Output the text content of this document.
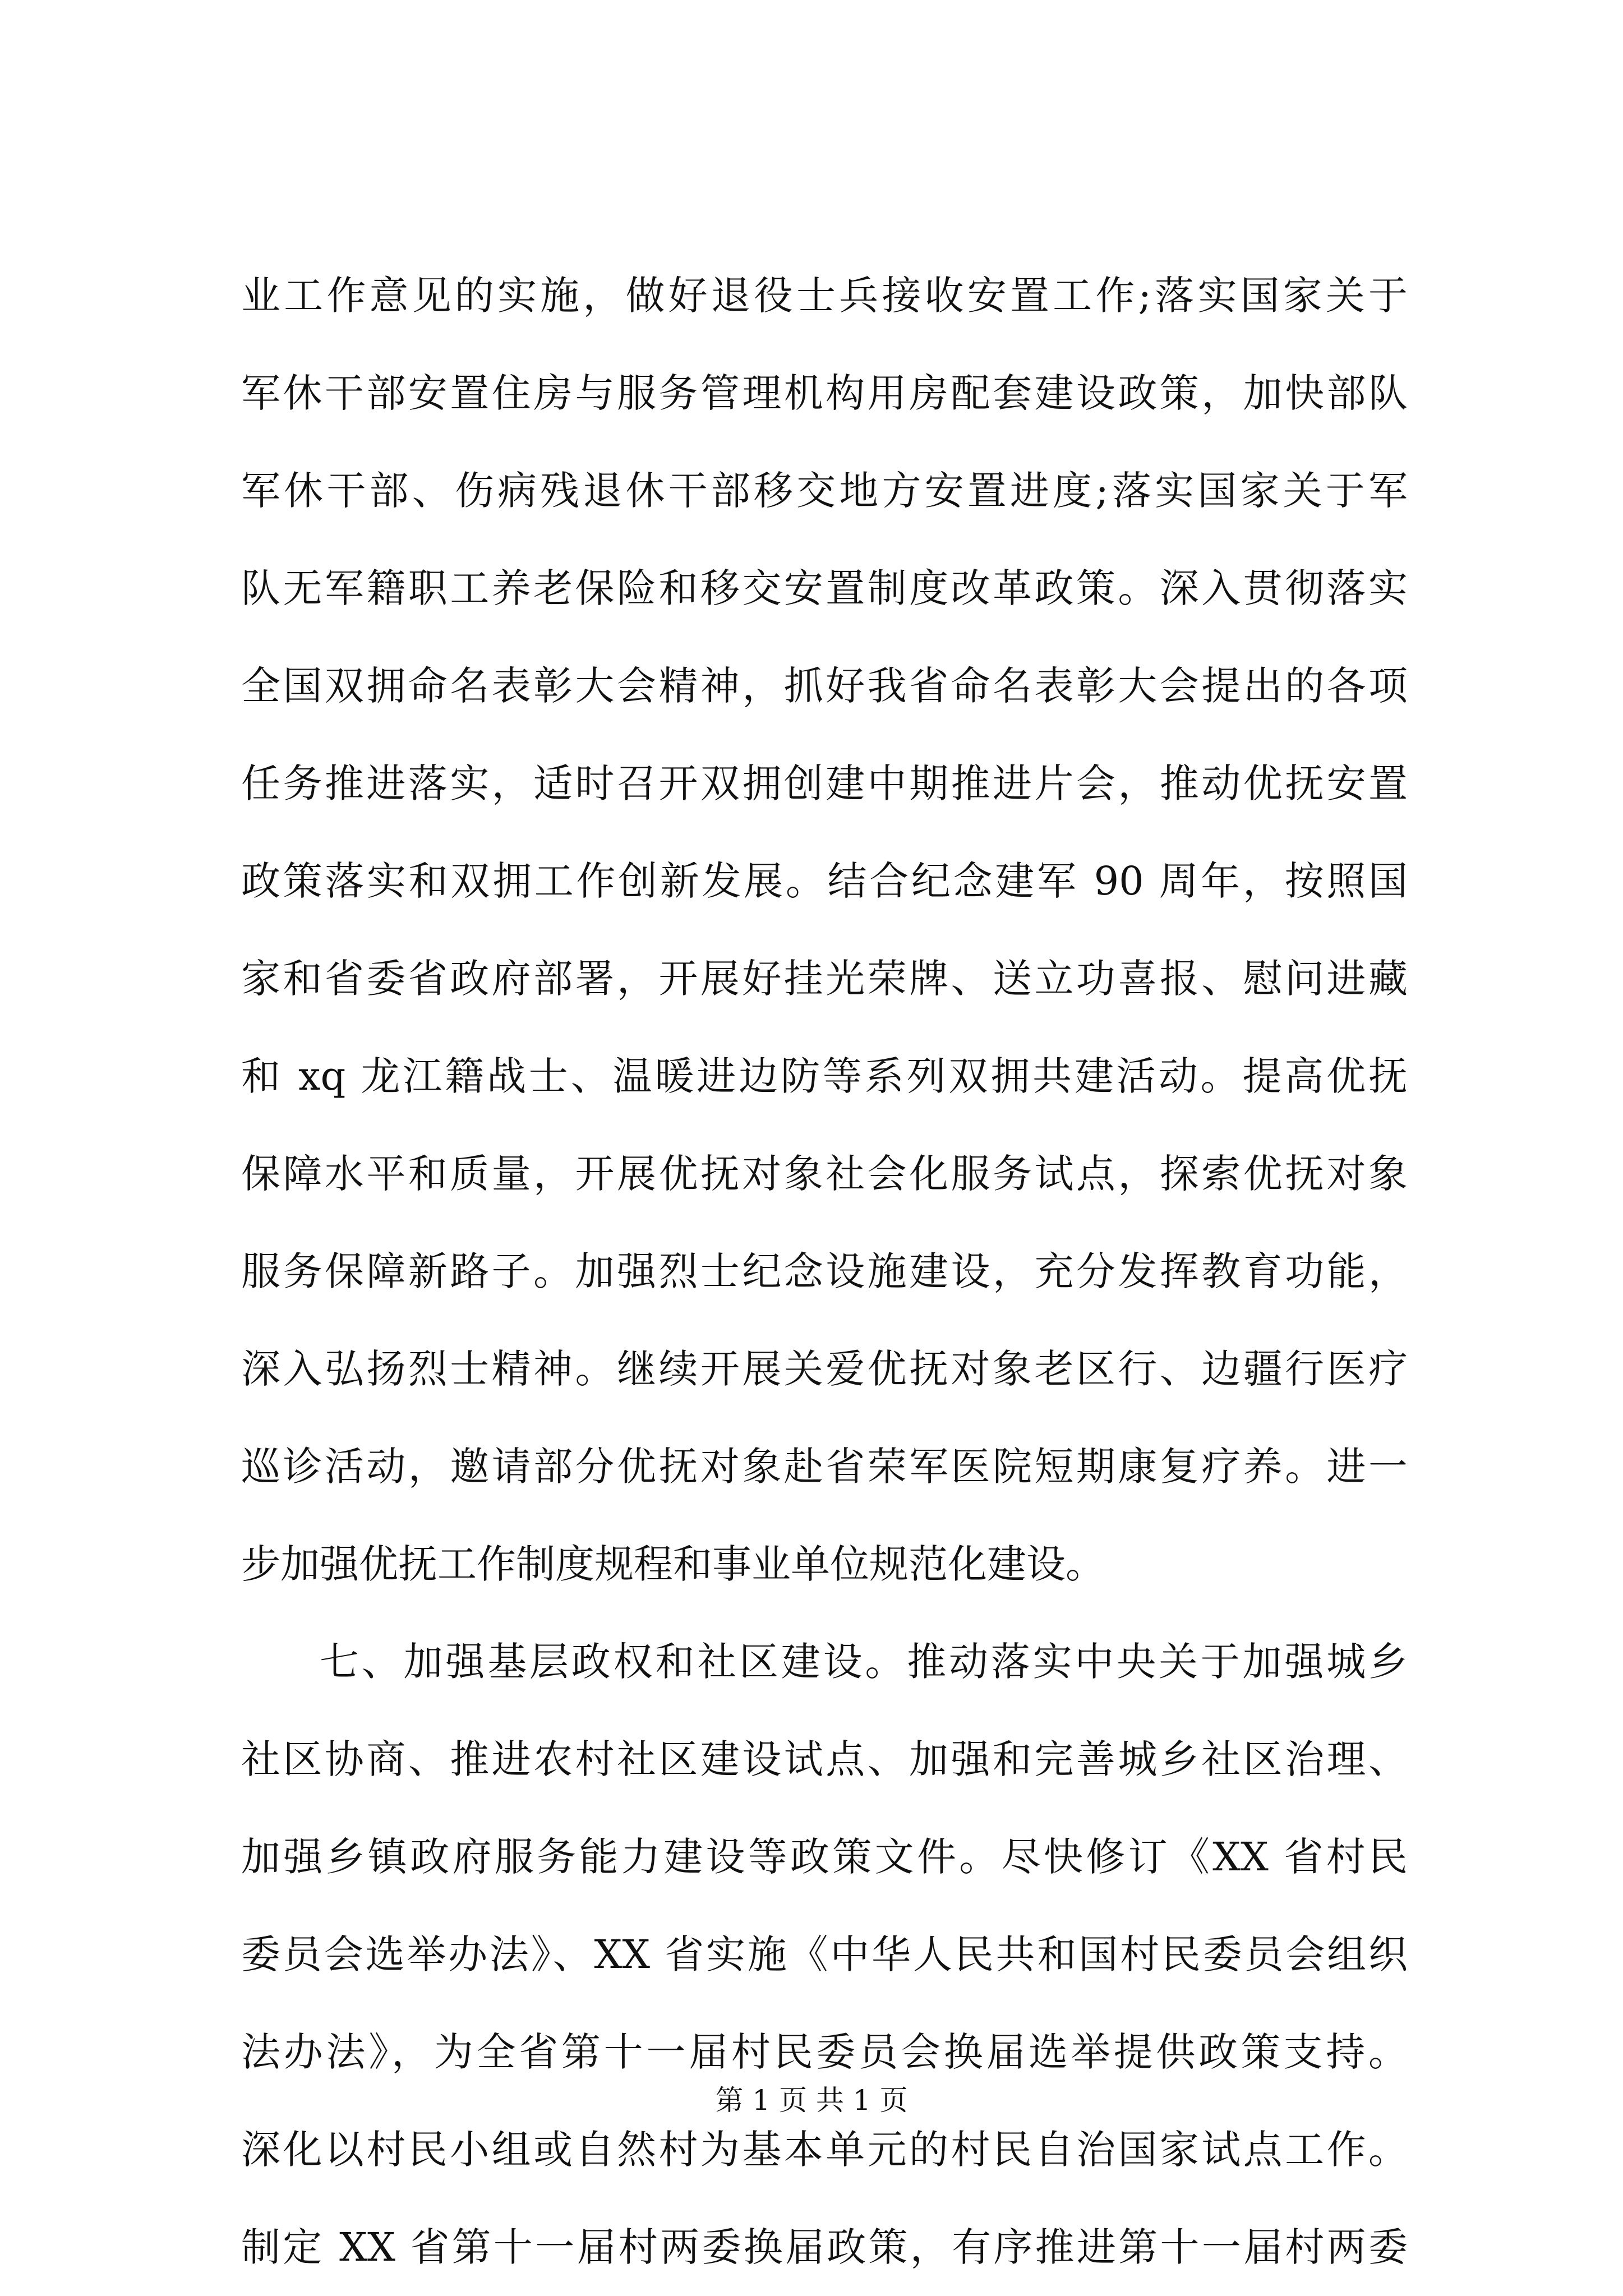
业工作意见的实施，做好退役士兵接收安置工作;落实国家关于
军休干部安置住房与服务管理机构用房配套建设政策，加快部队
军休干部、伤病残退休干部移交地方安置进度;落实国家关于军
队无军籍职工养老保险和移交安置制度改革政策。深入贯彻落实
全国双拥命名表彰大会精神，抓好我省命名表彰大会提出的各项
任务推进落实，适时召开双拥创建中期推进片会，推动优抚安置
政策落实和双拥工作创新发展。结合纪念建军 90 周年，按照国
家和省委省政府部署，开展好挂光荣牌、送立功喜报、慰问进藏
和 xq 龙江籍战士、温暖进边防等系列双拥共建活动。提高优抚
保障水平和质量，开展优抚对象社会化服务试点，探索优抚对象
服务保障新路子。加强烈士纪念设施建设，充分发挥教育功能，
深入弘扬烈士精神。继续开展关爱优抚对象老区行、边疆行医疗
巡诊活动，邀请部分优抚对象赴省荣军医院短期康复疗养。进一
步加强优抚工作制度规程和事业单位规范化建设。
七、加强基层政权和社区建设。推动落实中央关于加强城乡
社区协商、推进农村社区建设试点、加强和完善城乡社区治理、
加强乡镇政府服务能力建设等政策文件。尽快修订《XX 省村民
委员会选举办法》、XX 省实施《中华人民共和国村民委员会组织
法办法》，为全省第十一届村民委员会换届选举提供政策支持。
深化以村民小组或自然村为基本单元的村民自治国家试点工作。
制定 XX 省第十一届村两委换届政策，有序推进第十一届村两委
第 1 页 共 1 页
